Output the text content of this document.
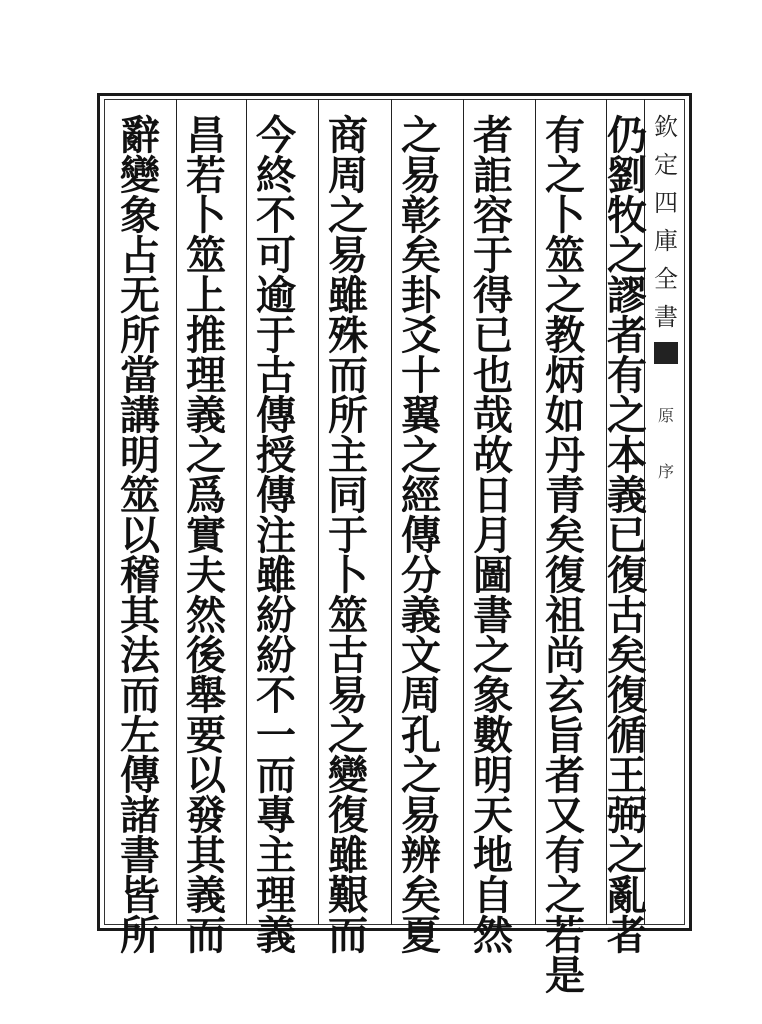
欽
定
四
庫
全
書
原
序
仍
劉
牧
之
謬
者
有
之
本
義
已
復
古
矣
復
循
王
弼
之
亂
者
有
之
卜
筮
之
教
炳
如
丹
青
矣
復
祖
尚
玄
旨
者
又
有
之
若
是
者
詎
容
于
得
已
也
哉
故
日
月
圖
書
之
象
數
明
天
地
自
然
之
易
彰
矣
卦
爻
十
翼
之
經
傳
分
義
文
周
孔
之
易
辨
矣
夏
商
周
之
易
雖
殊
而
所
主
同
于
卜
筮
古
易
之
變
復
雖
艱
而
今
終
不
可
逾
于
古
傳
授
傳
注
雖
紛
紛
不
一
而
專
主
理
義
昌
若
卜
筮
上
推
理
義
之
爲
實
夫
然
後
舉
要
以
發
其
義
而
辭
變
象
占
无
所
當
講
明
筮
以
稽
其
法
而
左
傳
諸
書
皆
所
